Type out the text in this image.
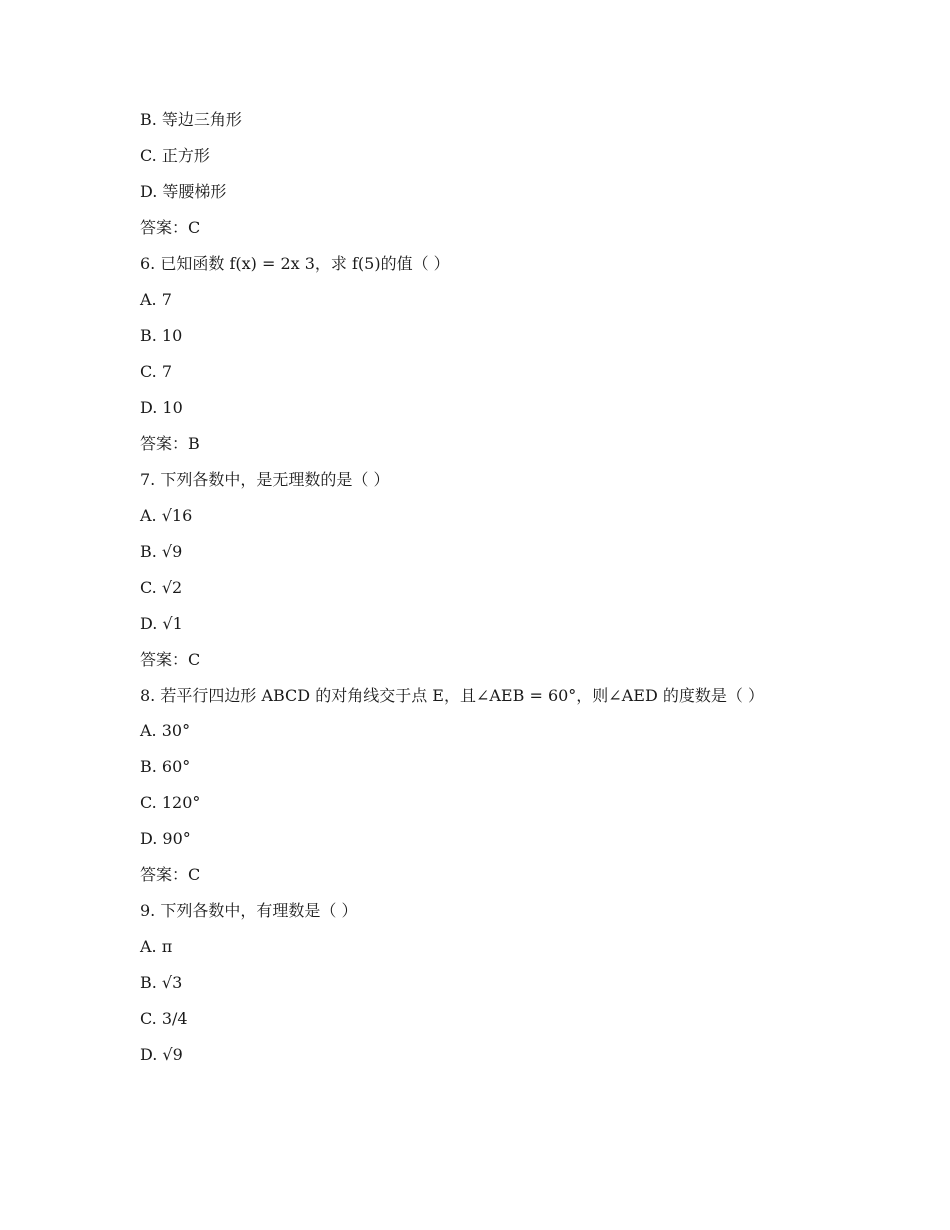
B. 等边三角形

C. 正方形

D. 等腰梯形

答案：C

6. 已知函数 f(x) = 2x 3，求 f(5)的值（ ）

A. 7

B. 10

C. 7

D. 10

答案：B

7. 下列各数中，是无理数的是（ ）

A. √16

B. √9

C. √2

D. √1

答案：C

8. 若平行四边形 ABCD 的对角线交于点 E，且∠AEB = 60°，则∠AED 的度数是（ ）

A. 30°

B. 60°

C. 120°

D. 90°

答案：C

9. 下列各数中，有理数是（ ）

A. π

B. √3

C. 3/4

D. √9
